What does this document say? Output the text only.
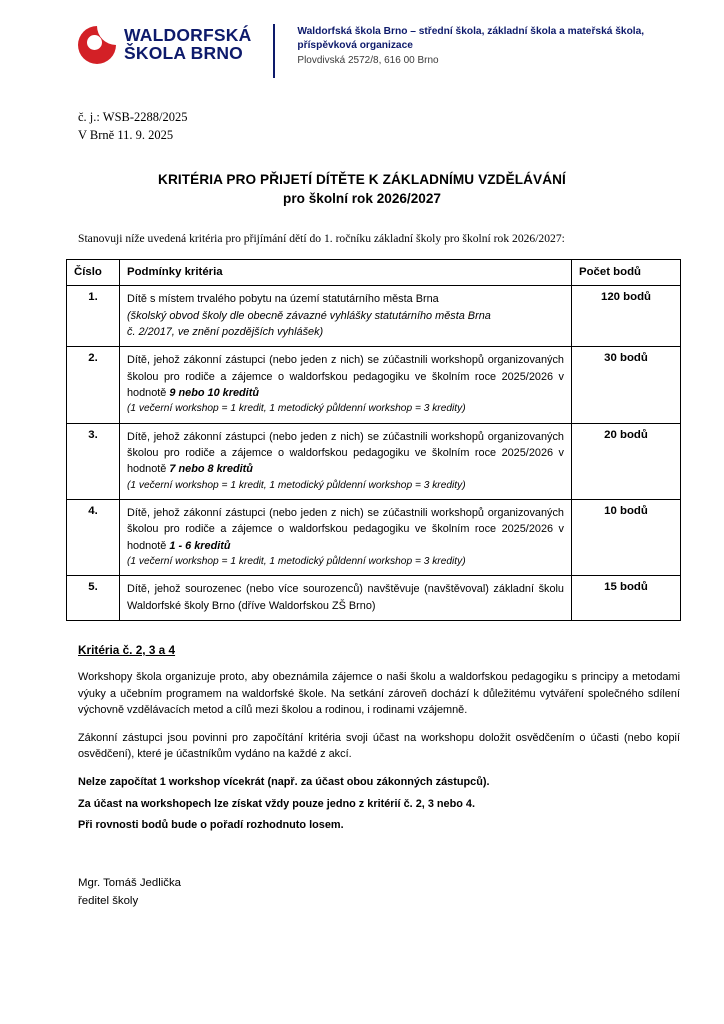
WALDORFSKÁ
ŠKOLA BRNO
Waldorfská škola Brno – střední škola, základní škola a mateřská škola,
příspěvková organizace
Plovdivská 2572/8, 616 00 Brno
č. j.: WSB-2288/2025
V Brně 11. 9. 2025
KRITÉRIA PRO PŘIJETÍ DÍTĚTE K ZÁKLADNÍMU VZDĚLÁVÁNÍ
pro školní rok 2026/2027
Stanovuji níže uvedená kritéria pro přijímání dětí do 1. ročníku základní školy pro školní rok 2026/2027:
Číslo	Podmínky kritéria	Počet bodů
1.	Dítě s místem trvalého pobytu na území statutárního města Brna

(školský obvod školy dle obecně závazné vyhlášky statutárního města Brna

č. 2/2017, ve znění pozdějších vyhlášek)	120 bodů
2.	Dítě, jehož zákonní zástupci (nebo jeden z nich) se zúčastnili workshopů organizovaných školou pro rodiče a zájemce o waldorfskou pedagogiku ve školním roce 2025/2026 v hodnotě 9 nebo 10 kreditů

(1 večerní workshop = 1 kredit, 1 metodický půldenní workshop = 3 kredity)	30 bodů
3.	Dítě, jehož zákonní zástupci (nebo jeden z nich) se zúčastnili workshopů organizovaných školou pro rodiče a zájemce o waldorfskou pedagogiku ve školním roce 2025/2026 v hodnotě 7 nebo 8 kreditů

(1 večerní workshop = 1 kredit, 1 metodický půldenní workshop = 3 kredity)	20 bodů
4.	Dítě, jehož zákonní zástupci (nebo jeden z nich) se zúčastnili workshopů organizovaných školou pro rodiče a zájemce o waldorfskou pedagogiku ve školním roce 2025/2026 v hodnotě 1 - 6 kreditů

(1 večerní workshop = 1 kredit, 1 metodický půldenní workshop = 3 kredity)	10 bodů
5.	Dítě, jehož sourozenec (nebo více sourozenců) navštěvuje (navštěvoval) základní školu Waldorfské školy Brno (dříve Waldorfskou ZŠ Brno)	15 bodů
Kritéria č. 2, 3 a 4

Workshopy škola organizuje proto, aby obeznámila zájemce o naši školu a waldorfskou pedagogiku s principy a metodami výuky a učebním programem na waldorfské škole. Na setkání zároveň dochází k důležitému vytváření společného sdílení výchovně vzdělávacích metod a cílů mezi školou a rodinou, i rodinami vzájemně.

Zákonní zástupci jsou povinni pro započítání kritéria svoji účast na workshopu doložit osvědčením o účasti (nebo kopií osvědčení), které je účastníkům vydáno na každé z akcí.

Nelze započítat 1 workshop vícekrát (např. za účast obou zákonných zástupců).

Za účast na workshopech lze získat vždy pouze jedno z kritérií č. 2, 3 nebo 4.

Při rovnosti bodů bude o pořadí rozhodnuto losem.

Mgr. Tomáš Jedlička
ředitel školy
